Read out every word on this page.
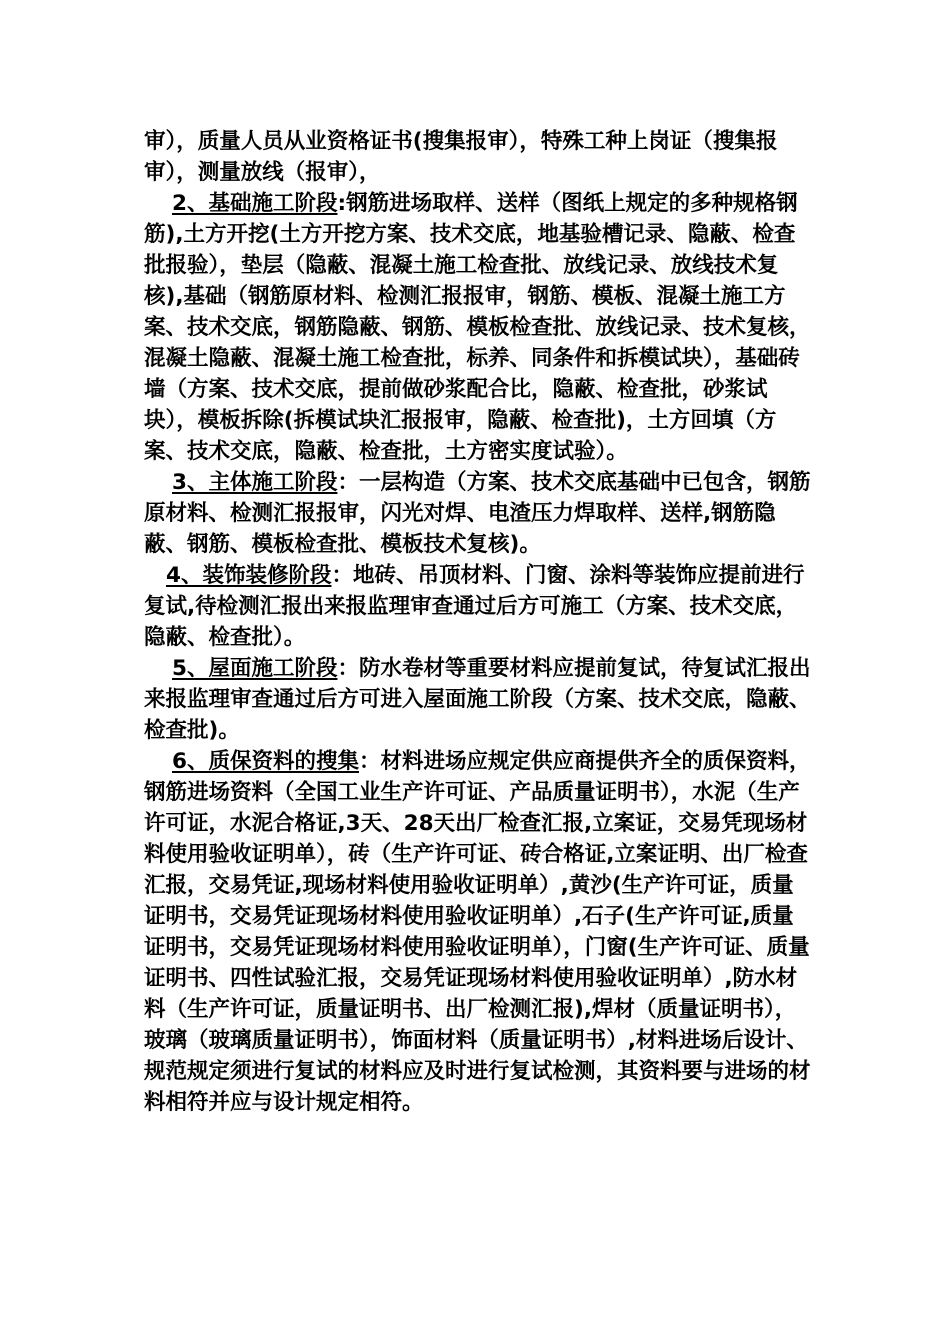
审），质量人员从业资格证书(搜集报审），特殊工种上岗证（搜集报审），测量放线（报审），

2、基础施工阶段:钢筋进场取样、送样（图纸上规定的多种规格钢筋),土方开挖(土方开挖方案、技术交底，地基验槽记录、隐蔽、检查批报验），垫层（隐蔽、混凝土施工检查批、放线记录、放线技术复核),基础（钢筋原材料、检测汇报报审，钢筋、模板、混凝土施工方案、技术交底，钢筋隐蔽、钢筋、模板检查批、放线记录、技术复核，混凝土隐蔽、混凝土施工检查批，标养、同条件和拆模试块），基础砖墙（方案、技术交底，提前做砂浆配合比，隐蔽、检查批，砂浆试块），模板拆除(拆模试块汇报报审，隐蔽、检查批)，土方回填（方案、技术交底，隐蔽、检查批，土方密实度试验）。

3、主体施工阶段：一层构造（方案、技术交底基础中已包含，钢筋原材料、检测汇报报审，闪光对焊、电渣压力焊取样、送样,钢筋隐蔽、钢筋、模板检查批、模板技术复核)。

4、装饰装修阶段：地砖、吊顶材料、门窗、涂料等装饰应提前进行复试,待检测汇报出来报监理审查通过后方可施工（方案、技术交底，隐蔽、检查批）。

5、屋面施工阶段：防水卷材等重要材料应提前复试，待复试汇报出来报监理审查通过后方可进入屋面施工阶段（方案、技术交底，隐蔽、检查批)。

6、质保资料的搜集：材料进场应规定供应商提供齐全的质保资料，钢筋进场资料（全国工业生产许可证、产品质量证明书），水泥（生产许可证，水泥合格证,3天、28天出厂检查汇报,立案证，交易凭现场材料使用验收证明单），砖（生产许可证、砖合格证,立案证明、出厂检查汇报，交易凭证,现场材料使用验收证明单）,黄沙(生产许可证，质量证明书，交易凭证现场材料使用验收证明单）,石子(生产许可证,质量证明书，交易凭证现场材料使用验收证明单），门窗(生产许可证、质量证明书、四性试验汇报，交易凭证现场材料使用验收证明单）,防水材料（生产许可证，质量证明书、出厂检测汇报),焊材（质量证明书），玻璃（玻璃质量证明书），饰面材料（质量证明书）,材料进场后设计、规范规定须进行复试的材料应及时进行复试检测，其资料要与进场的材料相符并应与设计规定相符。
